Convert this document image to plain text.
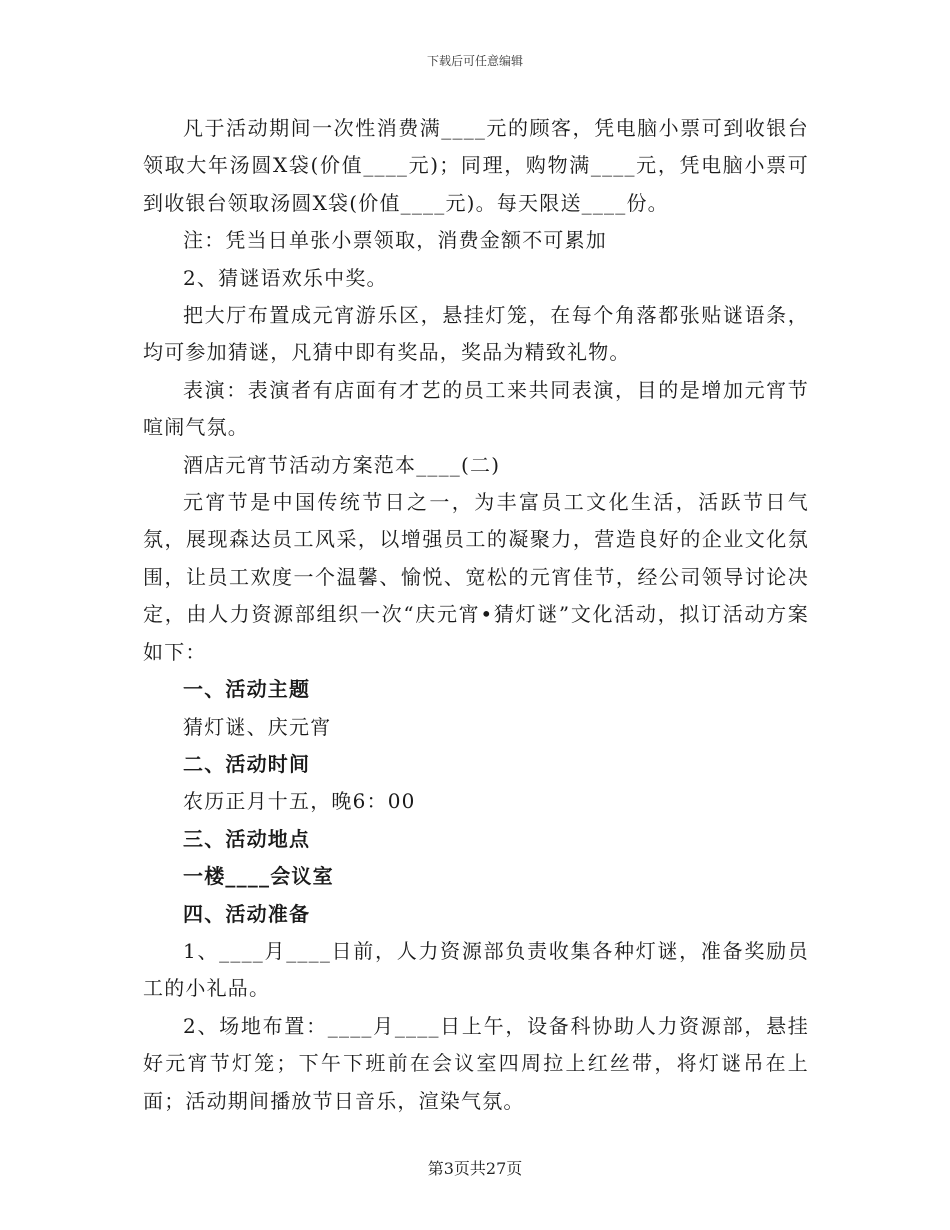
下载后可任意编辑

凡于活动期间一次性消费满____元的顾客，凭电脑小票可到收银台领取大年汤圆X袋(价值____元)；同理，购物满____元，凭电脑小票可到收银台领取汤圆X袋(价值____元)。每天限送____份。

注：凭当日单张小票领取，消费金额不可累加

2、猜谜语欢乐中奖。

把大厅布置成元宵游乐区，悬挂灯笼，在每个角落都张贴谜语条，均可参加猜谜，凡猜中即有奖品，奖品为精致礼物。

表演：表演者有店面有才艺的员工来共同表演，目的是增加元宵节喧闹气氛。

酒店元宵节活动方案范本____(二)

元宵节是中国传统节日之一，为丰富员工文化生活，活跃节日气氛，展现森达员工风采，以增强员工的凝聚力，营造良好的企业文化氛围，让员工欢度一个温馨、愉悦、宽松的元宵佳节，经公司领导讨论决定，由人力资源部组织一次“庆元宵•猜灯谜”文化活动，拟订活动方案如下：

一、活动主题

猜灯谜、庆元宵

二、活动时间

农历正月十五，晚6：00

三、活动地点

一楼____会议室

四、活动准备

1、____月____日前，人力资源部负责收集各种灯谜，准备奖励员工的小礼品。

2、场地布置：____月____日上午，设备科协助人力资源部，悬挂好元宵节灯笼；下午下班前在会议室四周拉上红丝带，将灯谜吊在上面；活动期间播放节日音乐，渲染气氛。

第3页共27页
